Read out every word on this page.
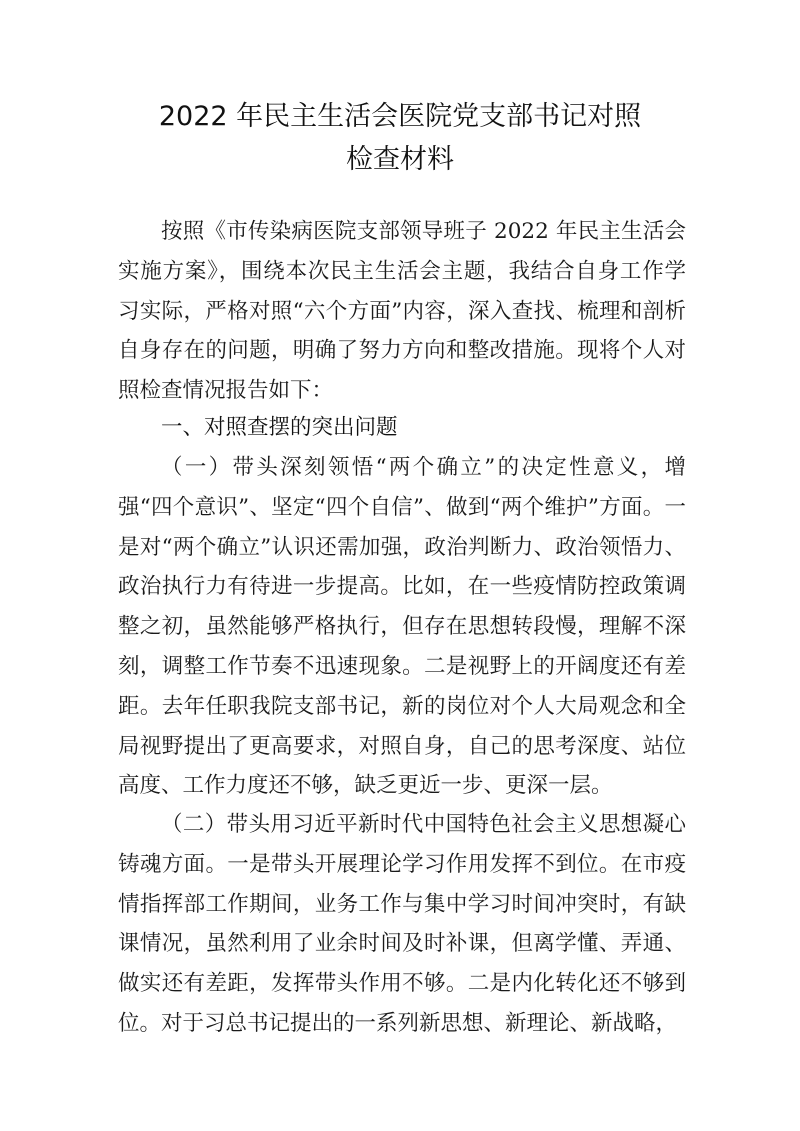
2022 年民主生活会医院党支部书记对照
检查材料
按照《市传染病医院支部领导班子 2022 年民主生活会实施方案》，围绕本次民主生活会主题，我结合自身工作学习实际，严格对照“六个方面”内容，深入查找、梳理和剖析自身存在的问题，明确了努力方向和整改措施。现将个人对照检查情况报告如下：
一、对照查摆的突出问题
（一）带头深刻领悟“两个确立”的决定性意义，增强“四个意识”、坚定“四个自信”、做到“两个维护”方面。一是对“两个确立”认识还需加强，政治判断力、政治领悟力、政治执行力有待进一步提高。比如，在一些疫情防控政策调整之初，虽然能够严格执行，但存在思想转段慢，理解不深刻，调整工作节奏不迅速现象。二是视野上的开阔度还有差距。去年任职我院支部书记，新的岗位对个人大局观念和全局视野提出了更高要求，对照自身，自己的思考深度、站位高度、工作力度还不够，缺乏更近一步、更深一层。
（二）带头用习近平新时代中国特色社会主义思想凝心铸魂方面。一是带头开展理论学习作用发挥不到位。在市疫情指挥部工作期间，业务工作与集中学习时间冲突时，有缺课情况，虽然利用了业余时间及时补课，但离学懂、弄通、做实还有差距，发挥带头作用不够。二是内化转化还不够到位。对于习总书记提出的一系列新思想、新理论、新战略，
